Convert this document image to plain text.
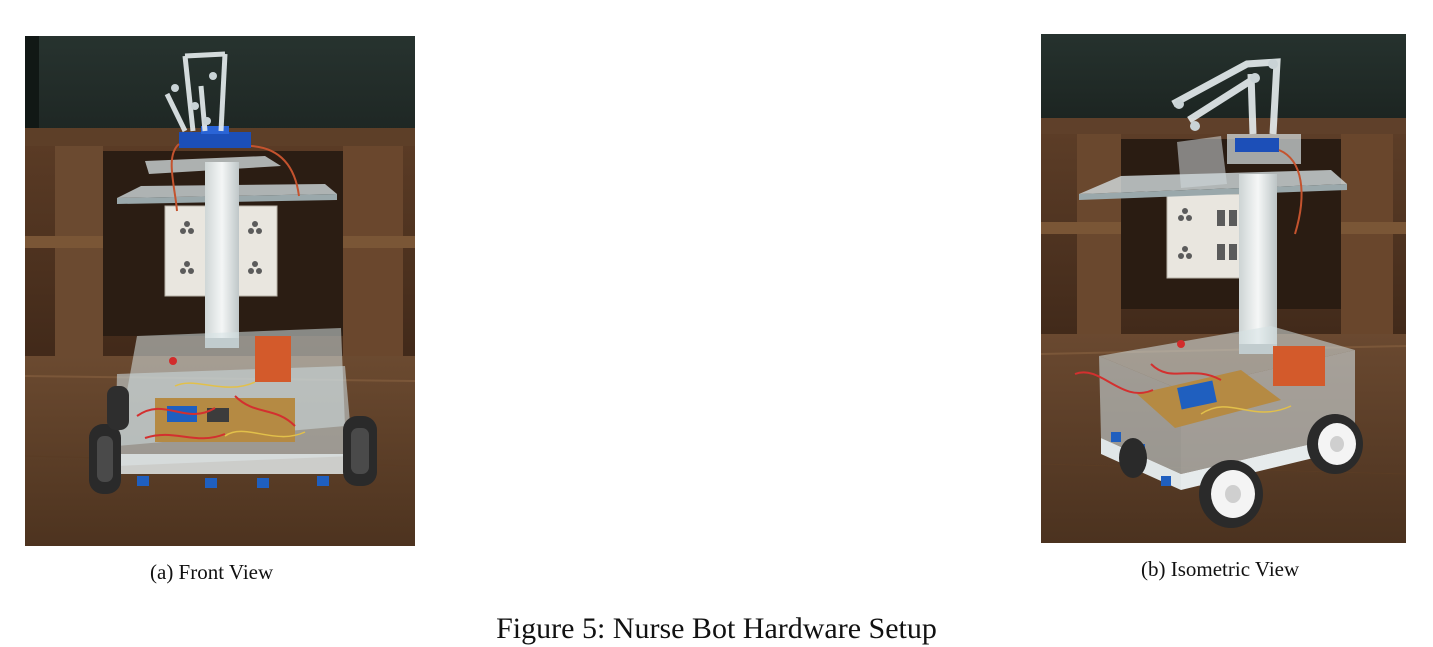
(a) Front View	(b) Isometric View
Figure 5: Nurse Bot Hardware Setup
